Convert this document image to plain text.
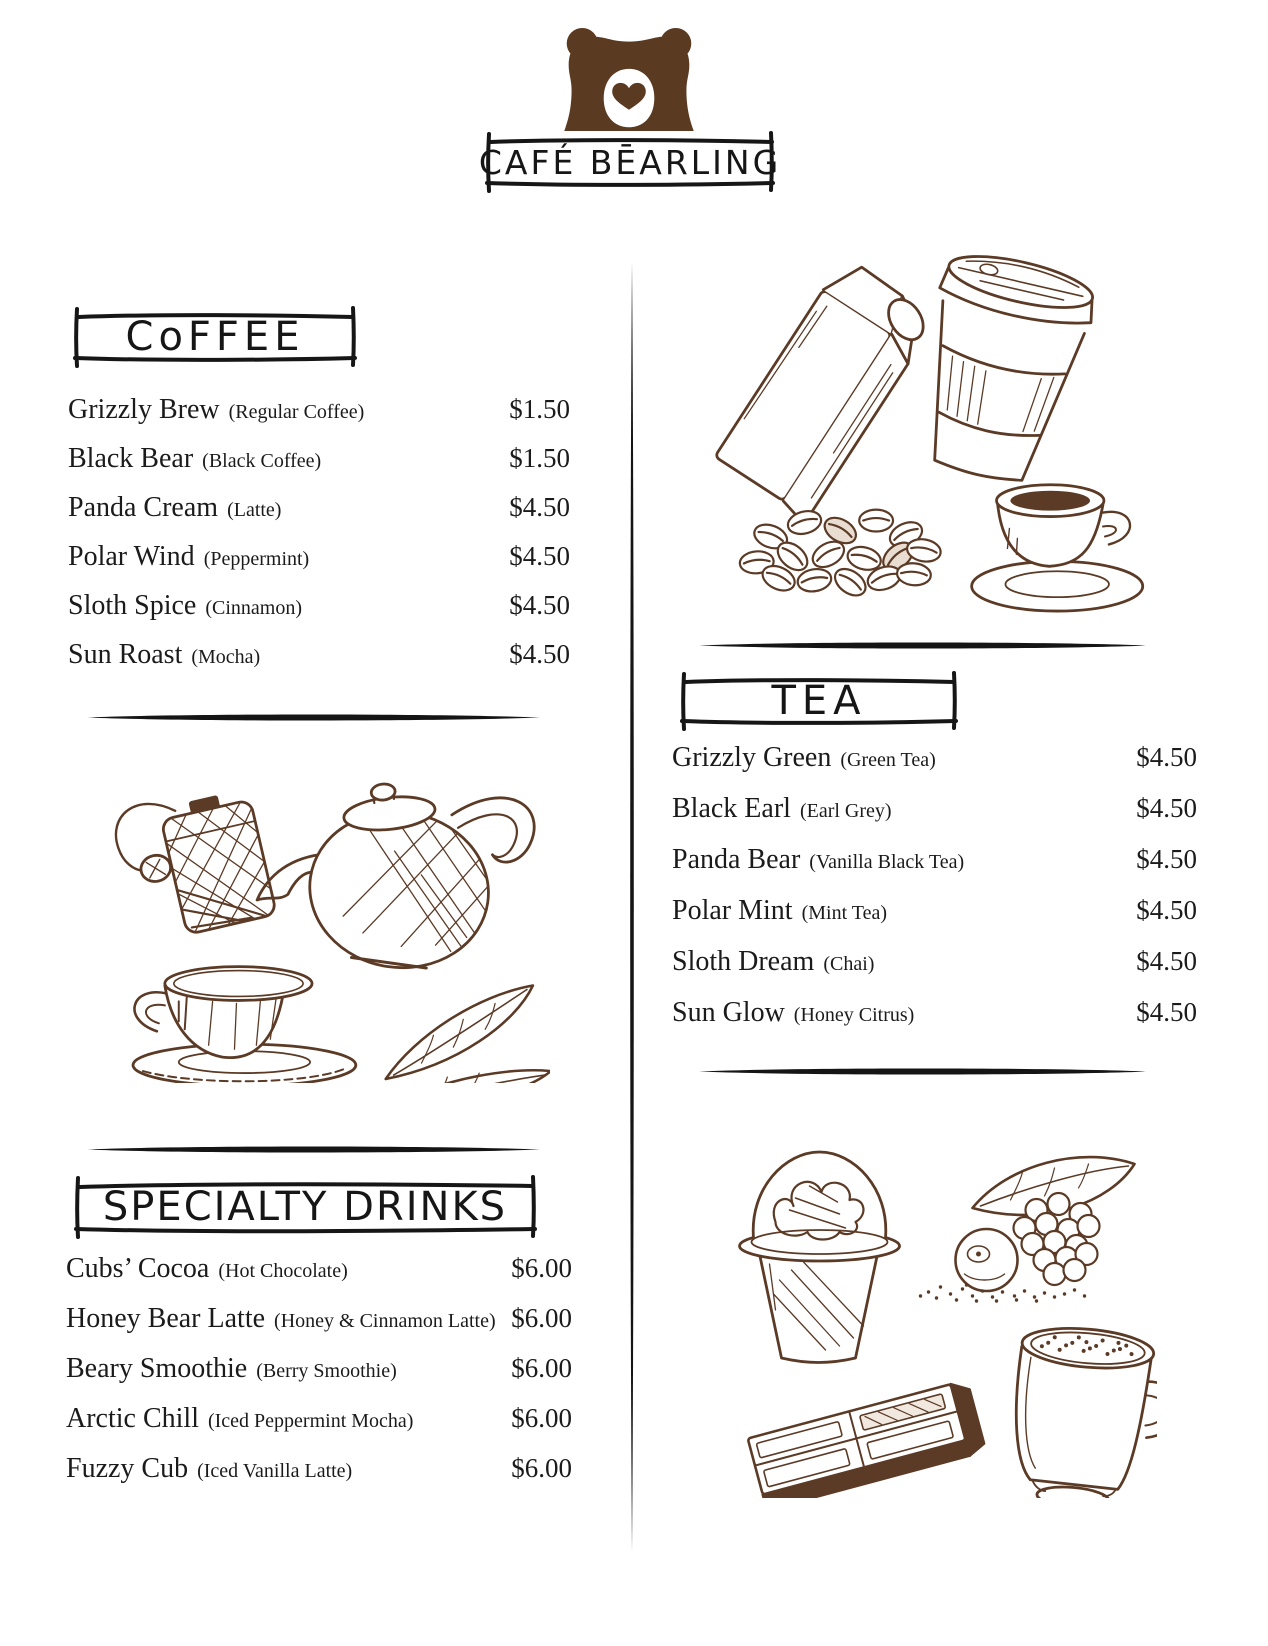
CAFÉ BĒARLING
CoFFEE
Grizzly Brew (Regular Coffee)	$1.50
Black Bear (Black Coffee)	$1.50
Panda Cream (Latte)	$4.50
Polar Wind (Peppermint)	$4.50
Sloth Spice (Cinnamon)	$4.50
Sun Roast (Mocha)	$4.50
SPECIALTY DRINKS
Cubs’ Cocoa (Hot Chocolate)	$6.00
Honey Bear Latte (Honey & Cinnamon Latte) $6.00
Beary Smoothie (Berry Smoothie)	$6.00
Arctic Chill (Iced Peppermint Mocha)	$6.00
Fuzzy Cub (Iced Vanilla Latte)	$6.00
TEA
Grizzly Green (Green Tea)	$4.50
Black Earl (Earl Grey)	$4.50
Panda Bear (Vanilla Black Tea)	$4.50
Polar Mint (Mint Tea)	$4.50
Sloth Dream (Chai)	$4.50
Sun Glow (Honey Citrus)	$4.50
